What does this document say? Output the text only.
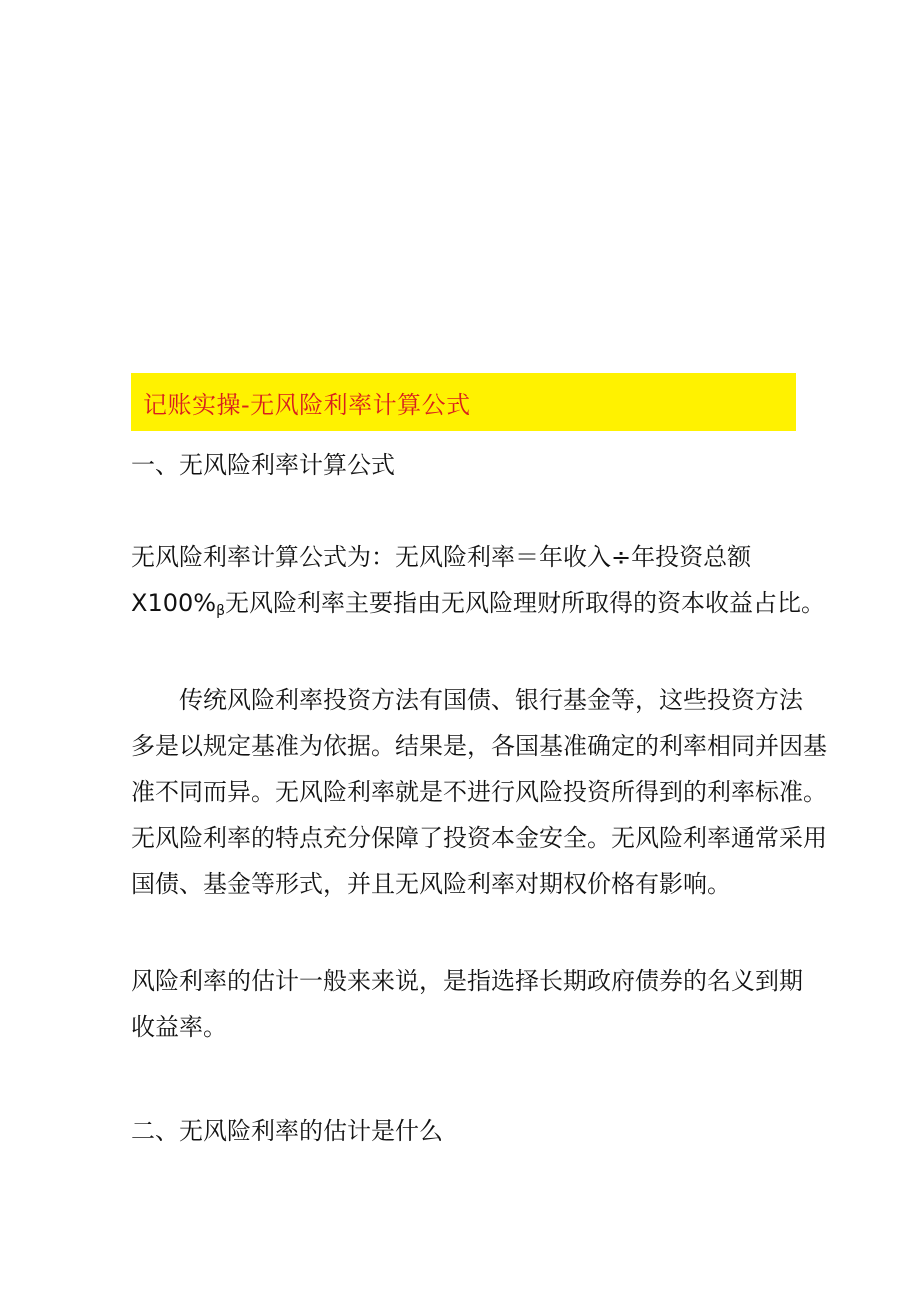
记账实操-无风险利率计算公式
一、无风险利率计算公式
无风险利率计算公式为：无风险利率＝年收入÷年投资总额
$X100\%_\beta$无风险利率主要指由无风险理财所取得的资本收益占比。
传统风险利率投资方法有国债、银行基金等，这些投资方法
多是以规定基准为依据。结果是，各国基准确定的利率相同并因基
准不同而异。无风险利率就是不进行风险投资所得到的利率标准。
无风险利率的特点充分保障了投资本金安全。无风险利率通常采用
国债、基金等形式，并且无风险利率对期权价格有影响。
风险利率的估计一般来来说，是指选择长期政府债券的名义到期
收益率。
二、无风险利率的估计是什么
